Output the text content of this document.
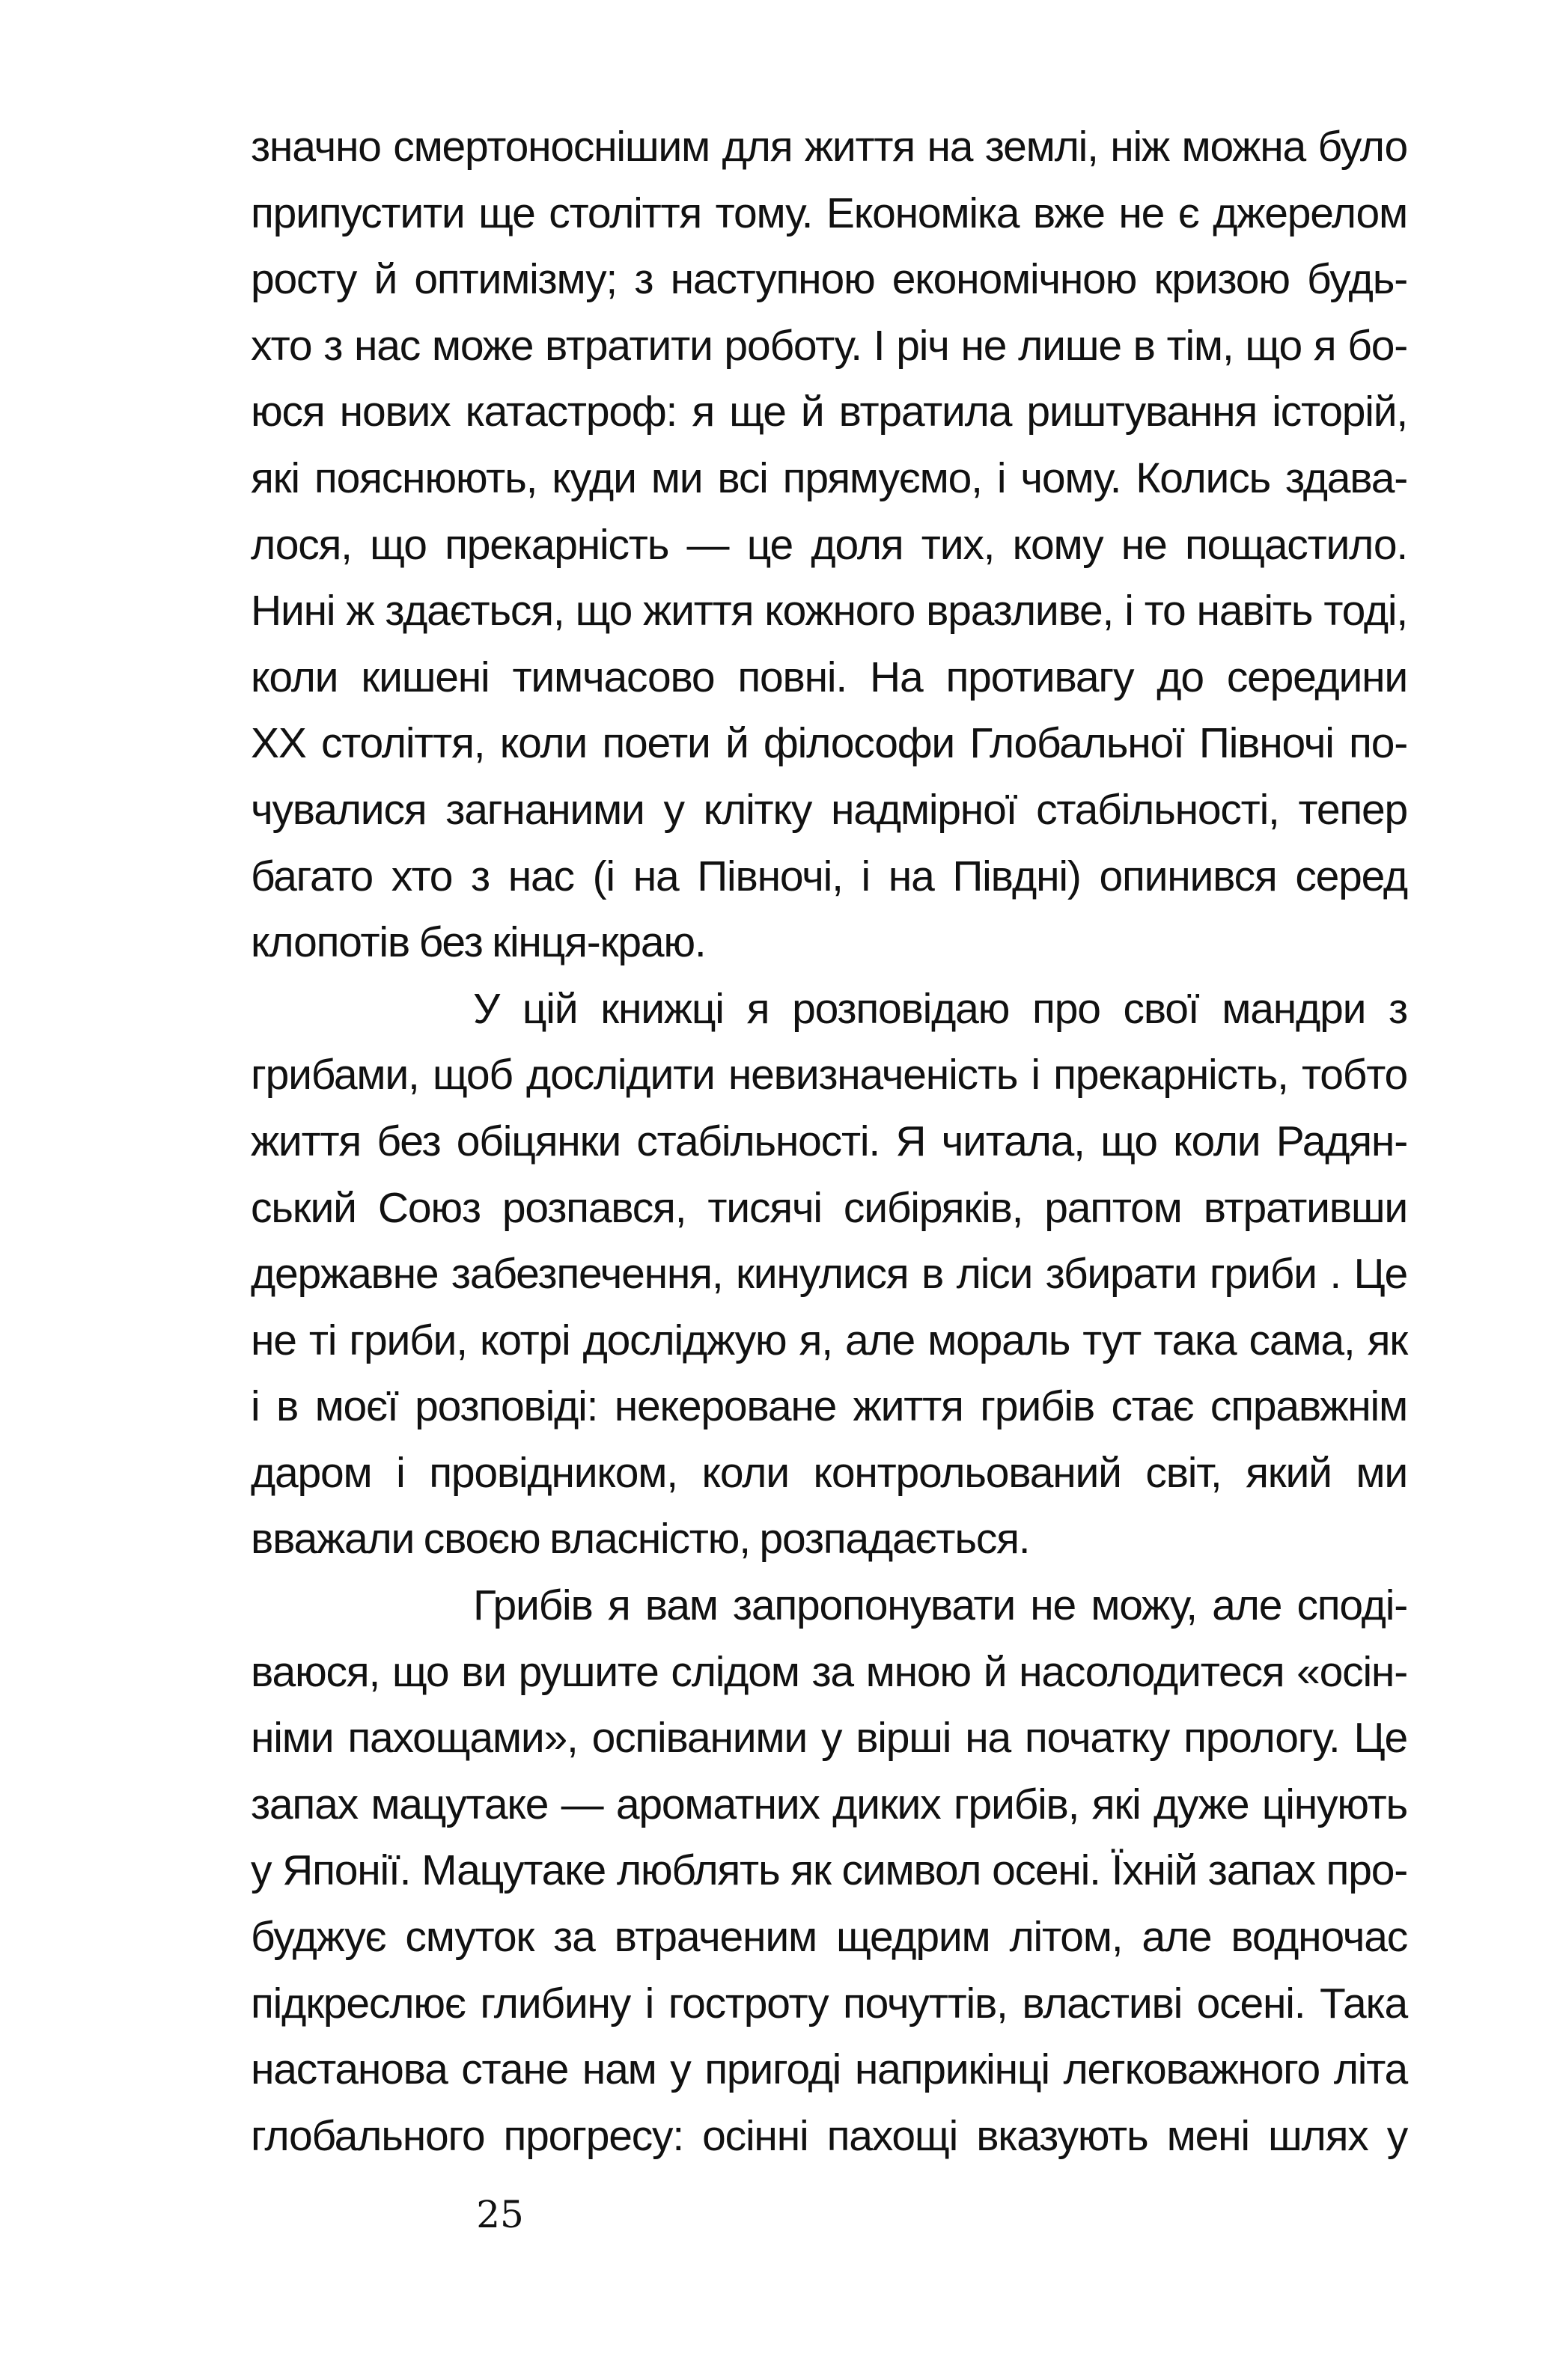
значно смертоноснішим для життя на землі, ніж можна було
припустити ще століття тому. Економіка вже не є джерелом
росту й оптимізму; з наступною економічною кризою будь-
хто з нас може втратити роботу. І річ не лише в тім, що я бо-
юся нових катастроф: я ще й втратила риштування історій,
які пояснюють, куди ми всі прямуємо, і чому. Колись здава-
лося, що прекарність — це доля тих, кому не пощастило.
Нині ж здається, що життя кожного вразливе, і то навіть тоді,
коли кишені тимчасово повні. На противагу до середини
XX століття, коли поети й філософи Глобальної Півночі по-
чувалися загнаними у клітку надмірної стабільності, тепер
багато хто з нас (і на Півночі, і на Півдні) опинився серед
клопотів без кінця-краю.
У цій книжці я розповідаю про свої мандри з
грибами, щоб дослідити невизначеність і прекарність, тобто
життя без обіцянки стабільності. Я читала, що коли Радян-
ський Союз розпався, тисячі сибіряків, раптом втративши
державне забезпечення, кинулися в ліси збирати гриби . Це
не ті гриби, котрі досліджую я, але мораль тут така сама, як
і в моєї розповіді: некероване життя грибів стає справжнім
даром і провідником, коли контрольований світ, який ми
вважали своєю власністю, розпадається.
Грибів я вам запропонувати не можу, але сподi-
ваюся, що ви рушите слідом за мною й насолодитеся «осін-
німи пахощами», оспіваними у вірші на початку прологу. Це
запах мацутаке — ароматних диких грибів, які дуже цінують
у Японії. Мацутаке люблять як символ осені. Їхній запах про-
буджує смуток за втраченим щедрим літом, але водночас
підкреслює глибину і гостроту почуттів, властиві осені. Така
настанова стане нам у пригоді наприкінці легковажного літа
глобального прогресу: осінні пахощі вказують мені шлях у
25
